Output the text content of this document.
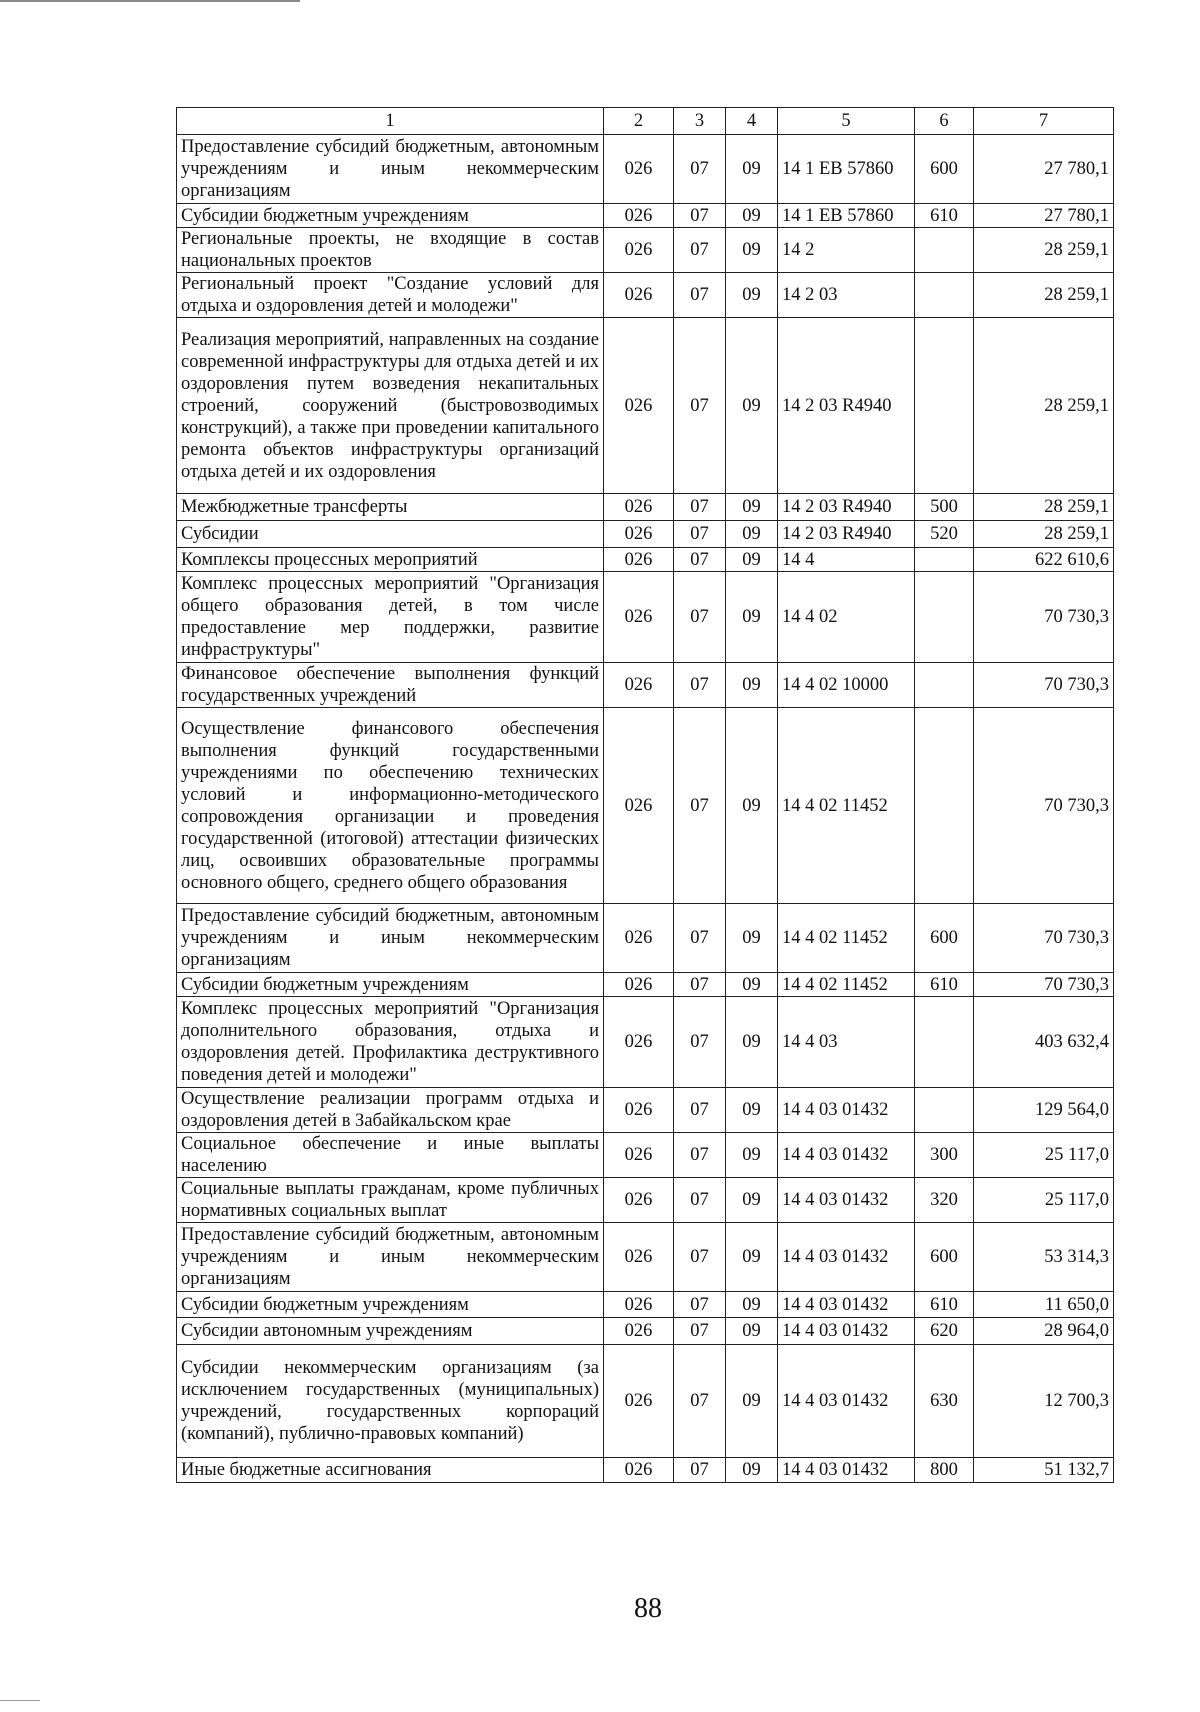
1	2	3	4	5	6	7
Предоставление субсидий бюджетным, автономным учреждениям и иным некоммерческим организациям	026	07	09	14 1 ЕВ 57860	600	27 780,1
Субсидии бюджетным учреждениям	026	07	09	14 1 ЕВ 57860	610	27 780,1
Региональные проекты, не входящие в состав национальных проектов	026	07	09	14 2		28 259,1
Региональный проект "Создание условий для отдыха и оздоровления детей и молодежи"	026	07	09	14 2 03		28 259,1
Реализация мероприятий, направленных на создание современной инфраструктуры для отдыха детей и их оздоровления путем возведения некапитальных строений, сооружений (быстровозводимых конструкций), а также при проведении капитального ремонта объектов инфраструктуры организаций отдыха детей и их оздоровления	026	07	09	14 2 03 R4940		28 259,1
Межбюджетные трансферты	026	07	09	14 2 03 R4940	500	28 259,1
Субсидии	026	07	09	14 2 03 R4940	520	28 259,1
Комплексы процессных мероприятий	026	07	09	14 4		622 610,6
Комплекс процессных мероприятий "Организация общего образования детей, в том числе предоставление мер поддержки, развитие инфраструктуры"	026	07	09	14 4 02		70 730,3
Финансовое обеспечение выполнения функций государственных учреждений	026	07	09	14 4 02 10000		70 730,3
Осуществление финансового обеспечения выполнения функций государственными учреждениями по обеспечению технических условий и информационно-методического сопровождения организации и проведения государственной (итоговой) аттестации физических лиц, освоивших образовательные программы основного общего, среднего общего образования	026	07	09	14 4 02 11452		70 730,3
Предоставление субсидий бюджетным, автономным учреждениям и иным некоммерческим организациям	026	07	09	14 4 02 11452	600	70 730,3
Субсидии бюджетным учреждениям	026	07	09	14 4 02 11452	610	70 730,3
Комплекс процессных мероприятий "Организация дополнительного образования, отдыха и оздоровления детей. Профилактика деструктивного поведения детей и молодежи"	026	07	09	14 4 03		403 632,4
Осуществление реализации программ отдыха и оздоровления детей в Забайкальском крае	026	07	09	14 4 03 01432		129 564,0
Социальное обеспечение и иные выплаты населению	026	07	09	14 4 03 01432	300	25 117,0
Социальные выплаты гражданам, кроме публичных нормативных социальных выплат	026	07	09	14 4 03 01432	320	25 117,0
Предоставление субсидий бюджетным, автономным учреждениям и иным некоммерческим организациям	026	07	09	14 4 03 01432	600	53 314,3
Субсидии бюджетным учреждениям	026	07	09	14 4 03 01432	610	11 650,0
Субсидии автономным учреждениям	026	07	09	14 4 03 01432	620	28 964,0
Субсидии некоммерческим организациям (за исключением государственных (муниципальных) учреждений, государственных корпораций (компаний), публично-правовых компаний)	026	07	09	14 4 03 01432	630	12 700,3
Иные бюджетные ассигнования	026	07	09	14 4 03 01432	800	51 132,7
88
